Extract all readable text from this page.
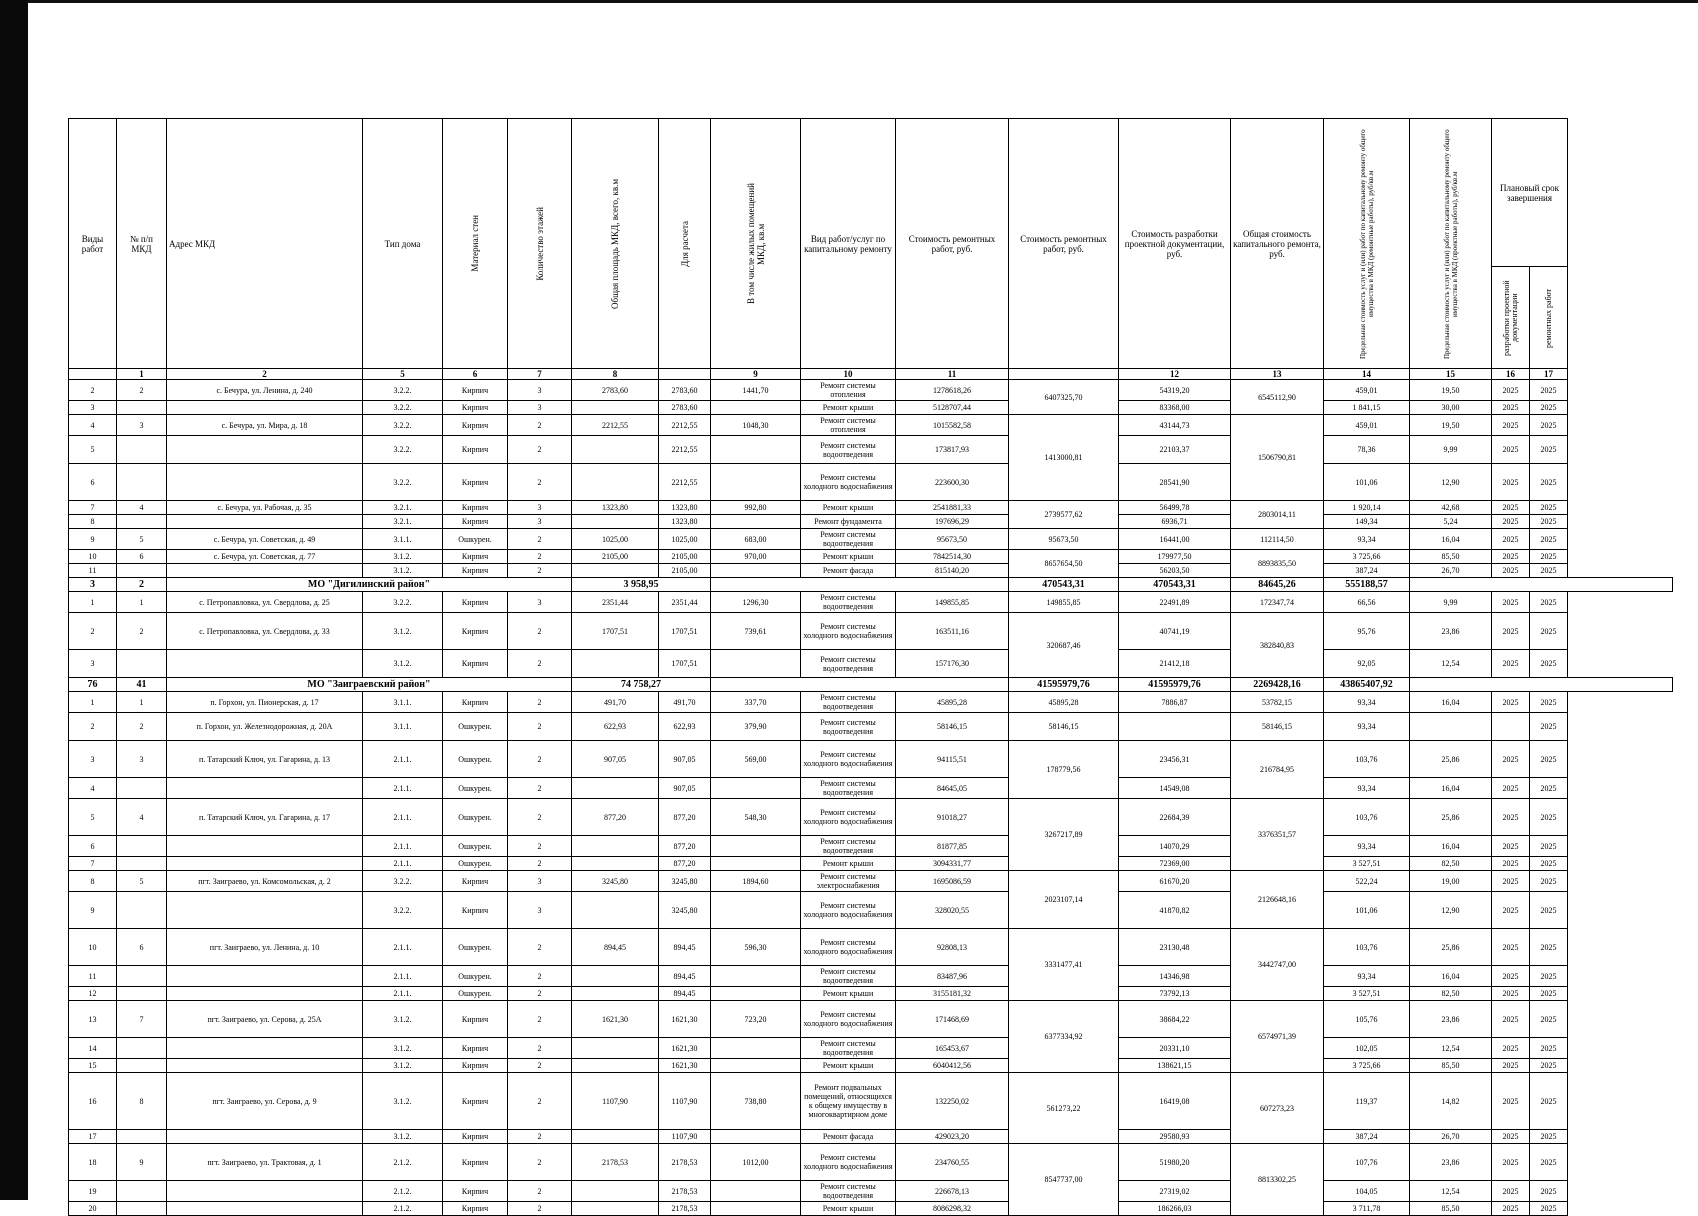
Виды работ	№ п/п МКД	Адрес МКД	Тип дома	Материал стен	Количество этажей	Общая площадь МКД, всего, кв.м	Для расчета	В том числе жилых помещений МКД, кв.м	Вид работ/услуг по капитальному ремонту	Стоимость ремонтных работ, руб.	Стоимость ремонтных работ, руб.	Стоимость разработки проектной документации, руб.	Общая стоимость капитального ремонта, руб.	Предельная стоимость услуг и (или) работ по капитальному ремонту общего имущества в МКД (ремонтные работы), руб/кв.м	Предельная стоимость услуг и (или) работ по капитальному ремонту общего имущества в МКД (проектные работы), руб/кв.м	Плановый срок завершения	

																разработки проектной документации	ремонтных работ

	1	2	5	6	7	8		9	10	11		12	13	14	15	16	17
2	2	с. Бечура, ул. Ленина, д. 240	3.2.2.	Кирпич	3	2783,60	2783,60	1441,70	Ремонт системы отопления	1278618,26	6407325,70	54319,20	6545112,90	459,01	19,50	2025	2025
3			3.2.2.	Кирпич	3		2783,60		Ремонт крыши	5128707,44		83368,00		1 841,15	30,00	2025	2025
4	3	с. Бечура, ул. Мира, д. 18	3.2.2.	Кирпич	2	2212,55	2212,55	1048,30	Ремонт системы отопления	1015582,58	1413000,81	43144,73	1506790,81	459,01	19,50	2025	2025
5			3.2.2.	Кирпич	2		2212,55		Ремонт системы водоотведения	173817,93		22103,37		78,36	9,99	2025	2025
6			3.2.2.	Кирпич	2		2212,55		Ремонт системы холодного водоснабжения	223600,30		28541,90		101,06	12,90	2025	2025
7	4	с. Бечура, ул. Рабочая, д. 35	3.2.1.	Кирпич	3	1323,80	1323,80	992,80	Ремонт крыши	2541881,33	2739577,62	56499,78	2803014,11	1 920,14	42,68	2025	2025
8			3.2.1.	Кирпич	3		1323,80		Ремонт фундамента	197696,29		6936,71		149,34	5,24	2025	2025
9	5	с. Бечура, ул. Советская, д. 49	3.1.1.	Ошкурен.	2	1025,00	1025,00	683,00	Ремонт системы водоотведения	95673,50	95673,50	16441,00	112114,50	93,34	16,04	2025	2025
10	6	с. Бечура, ул. Советская, д. 77	3.1.2.	Кирпич	2	2105,00	2105,00	970,00	Ремонт крыши	7842514,30	8657654,50	179977,50	8893835,50	3 725,66	85,50	2025	2025
11			3.1.2.	Кирпич	2		2105,00		Ремонт фасада	815140,20		56203,50		387,24	26,70	2025	2025
3	2	МО "Дигилинский район"				3 958,95					470543,31	470543,31	84645,26	555188,57			
1	1	с. Петропавловка, ул. Свердлова, д. 25	3.2.2.	Кирпич	3	2351,44	2351,44	1296,30	Ремонт системы водоотведения	149855,85	149855,85	22491,89	172347,74	66,56	9,99	2025	2025
2	2	с. Петропавловка, ул. Свердлова, д. 33	3.1.2.	Кирпич	2	1707,51	1707,51	739,61	Ремонт системы холодного водоснабжения	163511,16	320687,46	40741,19	382840,83	95,76	23,86	2025	2025
3			3.1.2.	Кирпич	2		1707,51		Ремонт системы водоотведения	157176,30		21412,18		92,05	12,54	2025	2025
76	41	МО "Заиграевский район"				74 758,27					41595979,76	41595979,76	2269428,16	43865407,92			
1	1	п. Горхон, ул. Пионерская, д. 17	3.1.1.	Кирпич	2	491,70	491,70	337,70	Ремонт системы водоотведения	45895,28	45895,28	7886,87	53782,15	93,34	16,04	2025	2025
2	2	п. Горхон, ул. Железнодорожная, д. 20А	3.1.1.	Ошкурен.	2	622,93	622,93	379,90	Ремонт системы водоотведения	58146,15	58146,15		58146,15	93,34			2025
3	3	п. Татарский Ключ, ул. Гагарина, д. 13	2.1.1.	Ошкурен.	2	907,05	907,05	569,00	Ремонт системы холодного водоснабжения	94115,51	178779,56	23456,31	216784,95	103,76	25,86	2025	2025
4			2.1.1.	Ошкурен.	2		907,05		Ремонт системы водоотведения	84645,05		14549,08		93,34	16,04	2025	2025
5	4	п. Татарский Ключ, ул. Гагарина, д. 17	2.1.1.	Ошкурен.	2	877,20	877,20	548,30	Ремонт системы холодного водоснабжения	91018,27	3267217,89	22684,39	3376351,57	103,76	25,86	2025	2025
6			2.1.1.	Ошкурен.	2		877,20		Ремонт системы водоотведения	81877,85		14070,29		93,34	16,04	2025	2025
7			2.1.1.	Ошкурен.	2		877,20		Ремонт крыши	3094331,77		72369,00		3 527,51	82,50	2025	2025
8	5	пгт. Заиграево, ул. Комсомольская, д. 2	3.2.2.	Кирпич	3	3245,80	3245,80	1894,60	Ремонт системы электроснабжения	1695086,59	2023107,14	61670,20	2126648,16	522,24	19,00	2025	2025
9			3.2.2.	Кирпич	3		3245,80		Ремонт системы холодного водоснабжения	328020,55		41870,82		101,06	12,90	2025	2025
10	6	пгт. Заиграево, ул. Ленина, д. 10	2.1.1.	Ошкурен.	2	894,45	894,45	596,30	Ремонт системы холодного водоснабжения	92808,13	3331477,41	23130,48	3442747,00	103,76	25,86	2025	2025
11			2.1.1.	Ошкурен.	2		894,45		Ремонт системы водоотведения	83487,96		14346,98		93,34	16,04	2025	2025
12			2.1.1.	Ошкурен.	2		894,45		Ремонт крыши	3155181,32		73792,13		3 527,51	82,50	2025	2025
13	7	пгт. Заиграево, ул. Серова, д. 25А	3.1.2.	Кирпич	2	1621,30	1621,30	723,20	Ремонт системы холодного водоснабжения	171468,69	6377334,92	38684,22	6574971,39	105,76	23,86	2025	2025
14			3.1.2.	Кирпич	2		1621,30		Ремонт системы водоотведения	165453,67		20331,10		102,05	12,54	2025	2025
15			3.1.2.	Кирпич	2		1621,30		Ремонт крыши	6040412,56		138621,15		3 725,66	85,50	2025	2025
16	8	пгт. Заиграево, ул. Серова, д. 9	3.1.2.	Кирпич	2	1107,90	1107,90	738,80	Ремонт подвальных помещений, относящихся к общему имуществу в многоквартирном доме	132250,02	561273,22	16419,08	607273,23	119,37	14,82	2025	2025
17			3.1.2.	Кирпич	2		1107,90		Ремонт фасада	429023,20		29580,93		387,24	26,70	2025	2025
18	9	пгт. Заиграево, ул. Трактовая, д. 1	2.1.2.	Кирпич	2	2178,53	2178,53	1012,00	Ремонт системы холодного водоснабжения	234760,55	8547737,00	51980,20	8813302,25	107,76	23,86	2025	2025
19			2.1.2.	Кирпич	2		2178,53		Ремонт системы водоотведения	226678,13		27319,02		104,05	12,54	2025	2025
20			2.1.2.	Кирпич	2		2178,53		Ремонт крыши	8086298,32		186266,03		3 711,78	85,50	2025	2025
